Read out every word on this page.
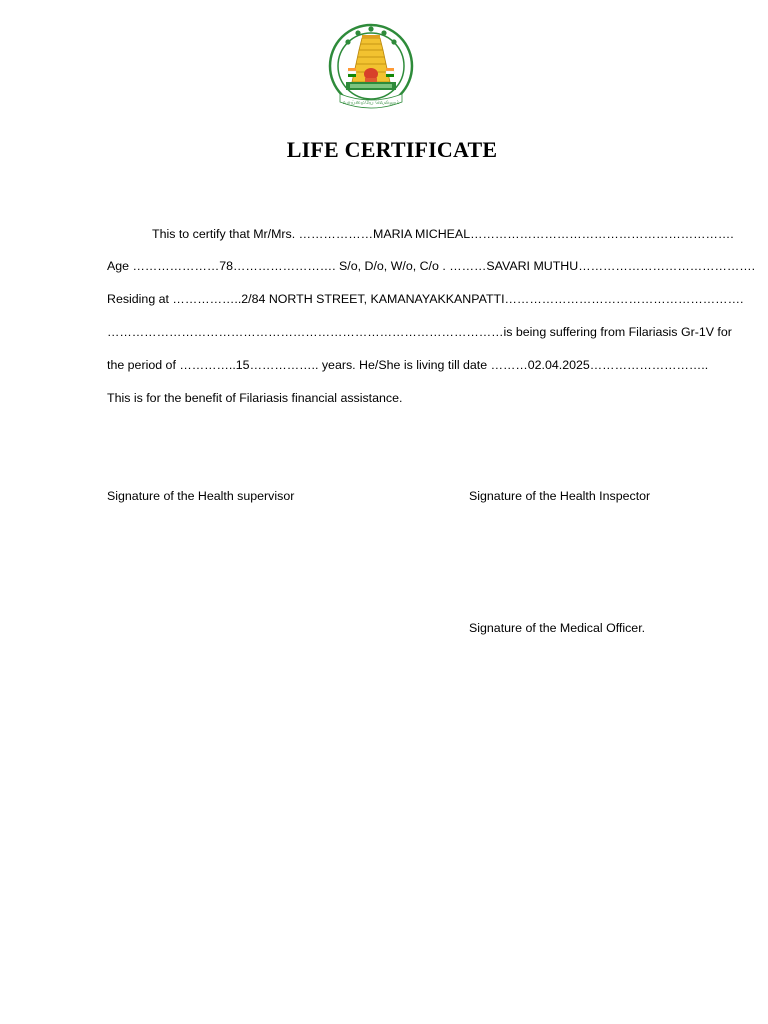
வாய்மையே வெல்லும்
LIFE CERTIFICATE
This to certify that Mr/Mrs. ………………MARIA MICHEAL……………………………………………………….
Age …………………78……………………. S/o, D/o, W/o, C/o . ………SAVARI MUTHU…………………………………….
Residing at ……………..2/84 NORTH STREET, KAMANAYAKKANPATTI………………………………………………….
……………………………………………………………………………………is being suffering from Filariasis Gr-1V for
the period of …………..15…………….. years. He/She is living till date ………02.04.2025………………………..
This is for the benefit of Filariasis financial assistance.
Signature of the Health supervisor	Signature of the Health Inspector
Signature of the Medical Officer.
